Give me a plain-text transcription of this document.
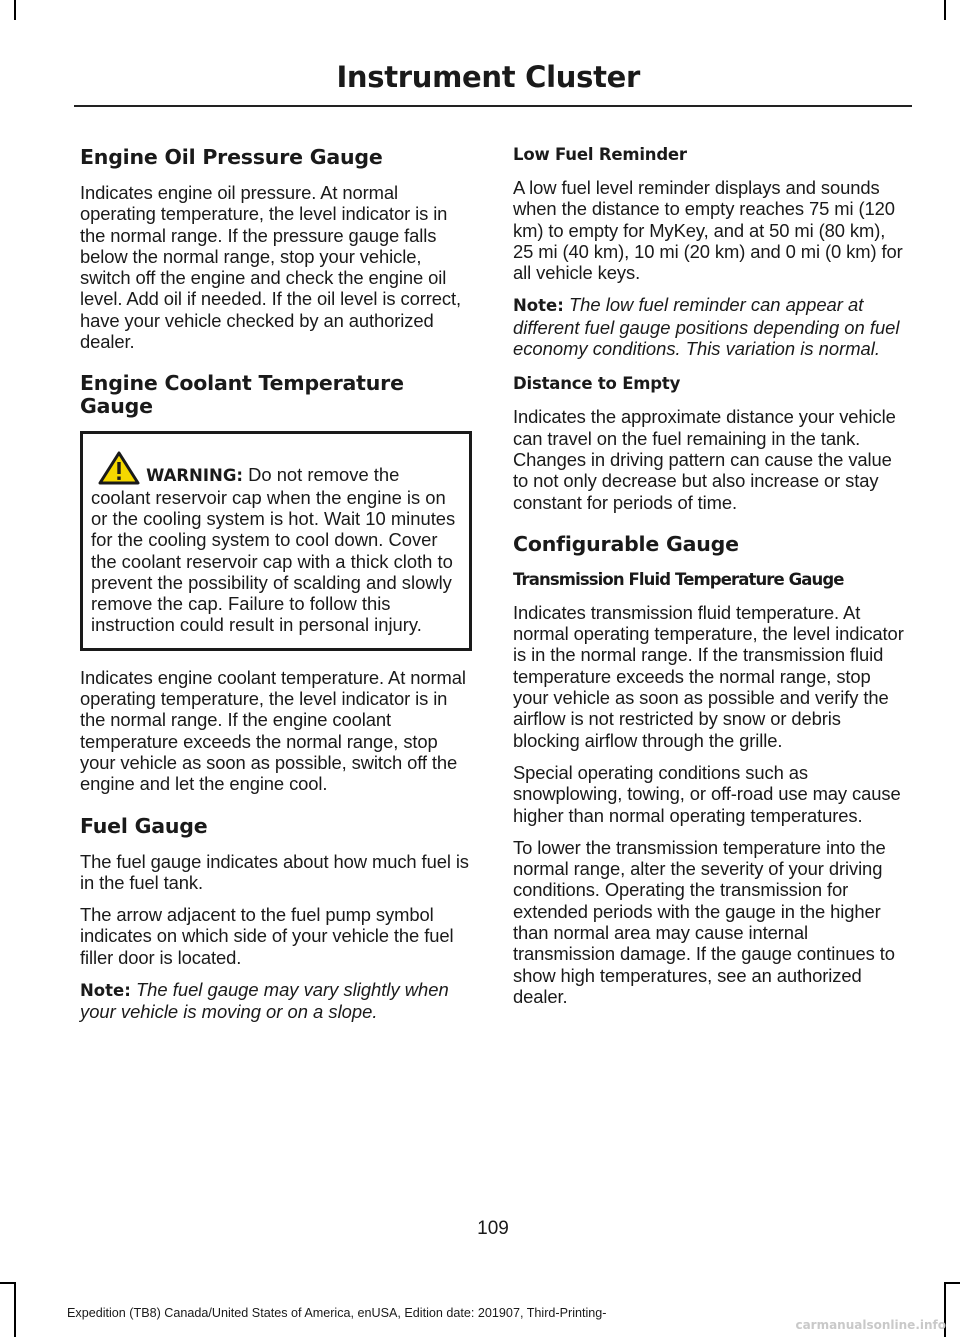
Instrument Cluster
Engine Oil Pressure Gauge

Indicates engine oil pressure. At normal operating temperature, the level indicator is in the normal range. If the pressure gauge falls below the normal range, stop your vehicle, switch off the engine and check the engine oil level. Add oil if needed. If the oil level is correct, have your vehicle checked by an authorized dealer.

Engine Coolant Temperature Gauge

WARNING: Do not remove the coolant reservoir cap when the engine is on or the cooling system is hot. Wait 10 minutes for the cooling system to cool down. Cover the coolant reservoir cap with a thick cloth to prevent the possibility of scalding and slowly remove the cap. Failure to follow this instruction could result in personal injury.

Indicates engine coolant temperature. At normal operating temperature, the level indicator is in the normal range. If the engine coolant temperature exceeds the normal range, stop your vehicle as soon as possible, switch off the engine and let the engine cool.

Fuel Gauge

The fuel gauge indicates about how much fuel is in the fuel tank.

The arrow adjacent to the fuel pump symbol indicates on which side of your vehicle the fuel filler door is located.

Note: The fuel gauge may vary slightly when your vehicle is moving or on a slope.

Low Fuel Reminder

A low fuel level reminder displays and sounds when the distance to empty reaches 75 mi (120 km) to empty for MyKey, and at 50 mi (80 km), 25 mi (40 km), 10 mi (20 km) and 0 mi (0 km) for all vehicle keys.

Note: The low fuel reminder can appear at different fuel gauge positions depending on fuel economy conditions. This variation is normal.

Distance to Empty

Indicates the approximate distance your vehicle can travel on the fuel remaining in the tank. Changes in driving pattern can cause the value to not only decrease but also increase or stay constant for periods of time.

Configurable Gauge
Transmission Fluid Temperature Gauge

Indicates transmission fluid temperature. At normal operating temperature, the level indicator is in the normal range. If the transmission fluid temperature exceeds the normal range, stop your vehicle as soon as possible and verify the airflow is not restricted by snow or debris blocking airflow through the grille.

Special operating conditions such as snowplowing, towing, or off-road use may cause higher than normal operating temperatures.

To lower the transmission temperature into the normal range, alter the severity of your driving conditions. Operating the transmission for extended periods with the gauge in the higher than normal area may cause internal transmission damage. If the gauge continues to show high temperatures, see an authorized dealer.

109
Expedition (TB8) Canada/United States of America, enUSA, Edition date: 201907, Third-Printing-
carmanualsonline.info
